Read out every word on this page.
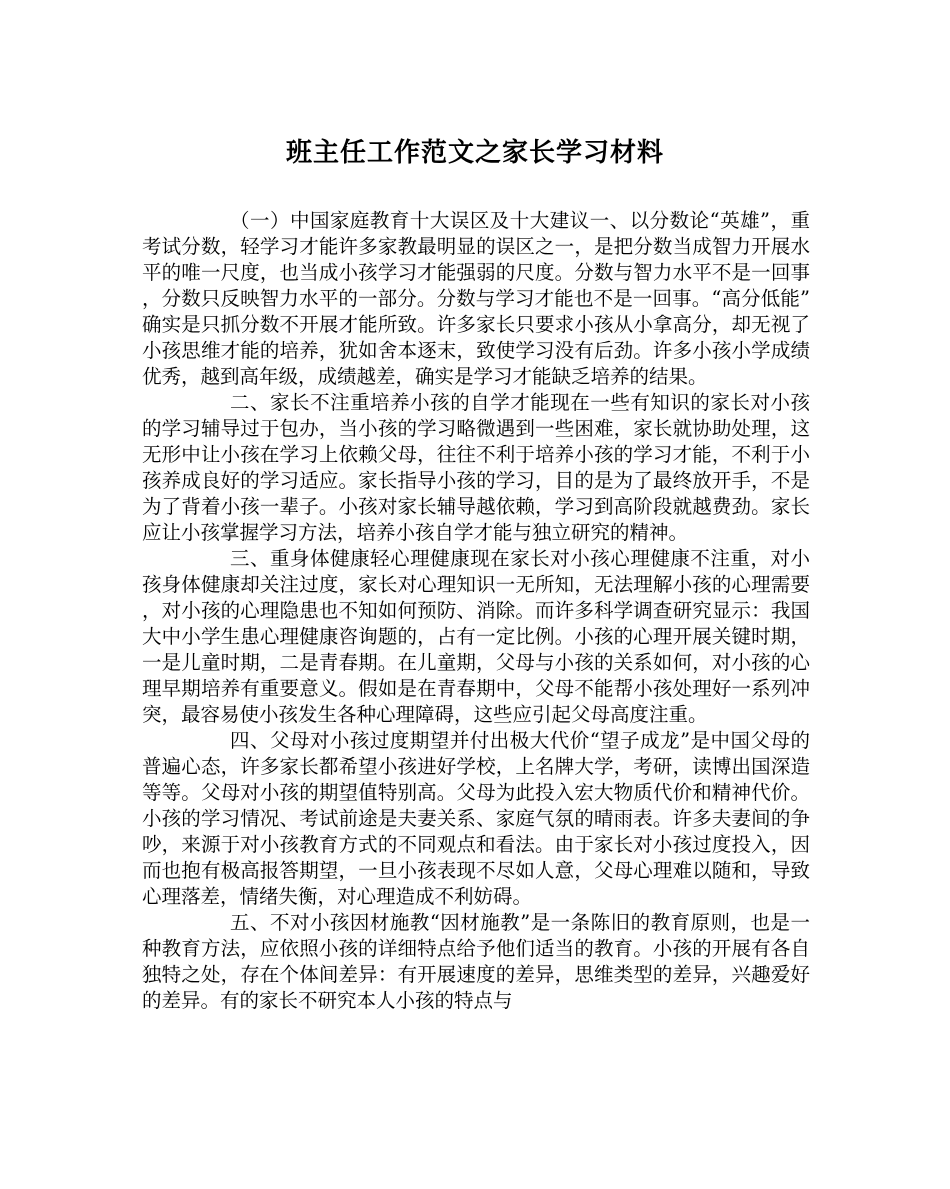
班主任工作范文之家长学习材料

（一）中国家庭教育十大误区及十大建议一、以分数论“英雄”，重考试分数，轻学习才能许多家教最明显的误区之一，是把分数当成智力开展水平的唯一尺度，也当成小孩学习才能强弱的尺度。分数与智力水平不是一回事，分数只反映智力水平的一部分。分数与学习才能也不是一回事。“高分低能”确实是只抓分数不开展才能所致。许多家长只要求小孩从小拿高分，却无视了小孩思维才能的培养，犹如舍本逐末，致使学习没有后劲。许多小孩小学成绩优秀，越到高年级，成绩越差，确实是学习才能缺乏培养的结果。

二、家长不注重培养小孩的自学才能现在一些有知识的家长对小孩的学习辅导过于包办，当小孩的学习略微遇到一些困难，家长就协助处理，这无形中让小孩在学习上依赖父母，往往不利于培养小孩的学习才能，不利于小孩养成良好的学习适应。家长指导小孩的学习，目的是为了最终放开手，不是为了背着小孩一辈子。小孩对家长辅导越依赖，学习到高阶段就越费劲。家长应让小孩掌握学习方法，培养小孩自学才能与独立研究的精神。

三、重身体健康轻心理健康现在家长对小孩心理健康不注重，对小孩身体健康却关注过度，家长对心理知识一无所知，无法理解小孩的心理需要，对小孩的心理隐患也不知如何预防、消除。而许多科学调查研究显示：我国大中小学生患心理健康咨询题的，占有一定比例。小孩的心理开展关键时期，一是儿童时期，二是青春期。在儿童期，父母与小孩的关系如何，对小孩的心理早期培养有重要意义。假如是在青春期中，父母不能帮小孩处理好一系列冲突，最容易使小孩发生各种心理障碍，这些应引起父母高度注重。

四、父母对小孩过度期望并付出极大代价“望子成龙”是中国父母的普遍心态，许多家长都希望小孩进好学校，上名牌大学，考研，读博出国深造等等。父母对小孩的期望值特别高。父母为此投入宏大物质代价和精神代价。小孩的学习情况、考试前途是夫妻关系、家庭气氛的晴雨表。许多夫妻间的争吵，来源于对小孩教育方式的不同观点和看法。由于家长对小孩过度投入，因而也抱有极高报答期望，一旦小孩表现不尽如人意，父母心理难以随和，导致心理落差，情绪失衡，对心理造成不利妨碍。

五、不对小孩因材施教“因材施教”是一条陈旧的教育原则，也是一种教育方法，应依照小孩的详细特点给予他们适当的教育。小孩的开展有各自独特之处，存在个体间差异：有开展速度的差异，思维类型的差异，兴趣爱好的差异。有的家长不研究本人小孩的特点与
